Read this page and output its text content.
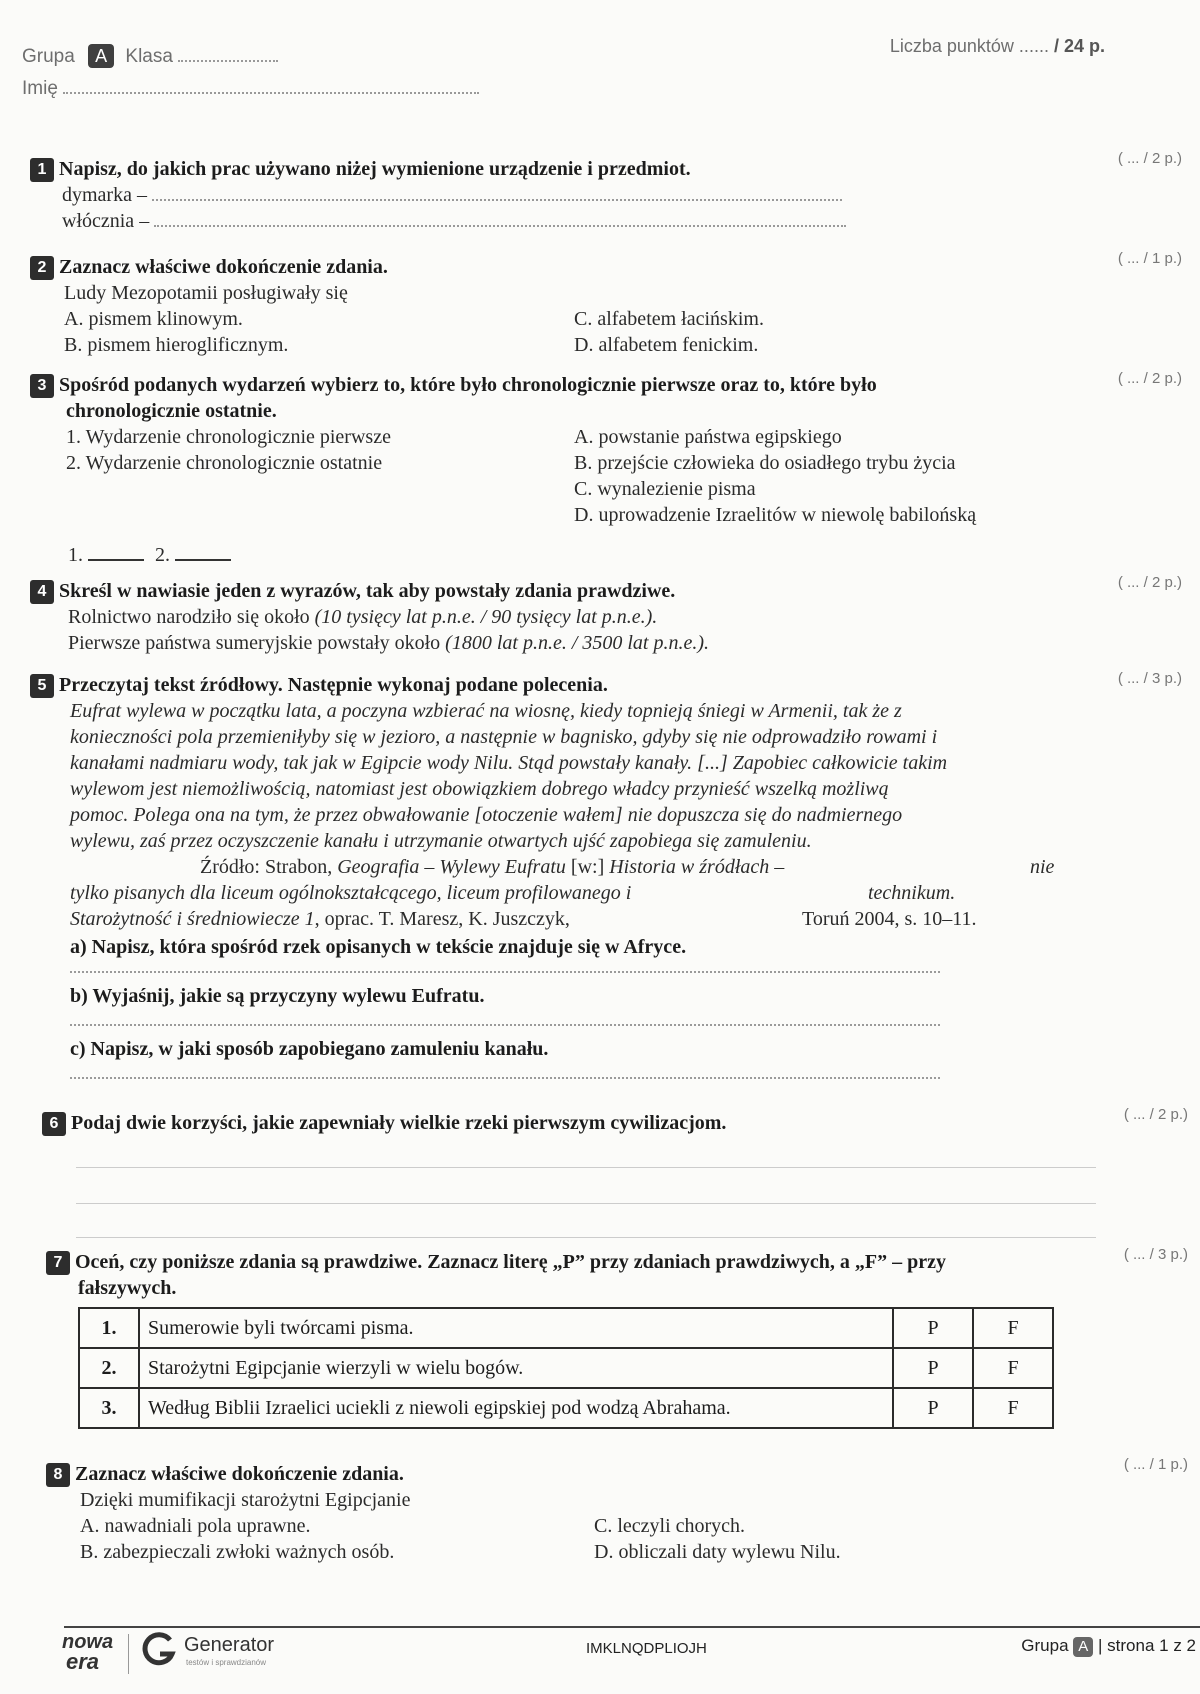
Grupa A Klasa
Imię
Liczba punktów ...... / 24 p.
1 Napisz, do jakich prac używano niżej wymienione urządzenie i przedmiot.
dymarka –
włócznia –
( ... / 2 p.)
2 Zaznacz właściwe dokończenie zdania.
Ludy Mezopotamii posługiwały się
A. pismem klinowym.
B. pismem hieroglificznym.
C. alfabetem łacińskim.
D. alfabetem fenickim.
( ... / 1 p.)
3 Spośród podanych wydarzeń wybierz to, które było chronologicznie pierwsze oraz to, które było
chronologicznie ostatnie.
1. Wydarzenie chronologicznie pierwsze
2. Wydarzenie chronologicznie ostatnie
A. powstanie państwa egipskiego
B. przejście człowieka do osiadłego trybu życia
C. wynalezienie pisma
D. uprowadzenie Izraelitów w niewolę babilońską
1.	2.
( ... / 2 p.)
4 Skreśl w nawiasie jeden z wyrazów, tak aby powstały zdania prawdziwe.
Rolnictwo narodziło się około (10 tysięcy lat p.n.e. / 90 tysięcy lat p.n.e.).
Pierwsze państwa sumeryjskie powstały około (1800 lat p.n.e. / 3500 lat p.n.e.).
( ... / 2 p.)
5 Przeczytaj tekst źródłowy. Następnie wykonaj podane polecenia.
Eufrat wylewa w początku lata, a poczyna wzbierać na wiosnę, kiedy topnieją śniegi w Armenii, tak że z
konieczności pola przemieniłyby się w jezioro, a następnie w bagnisko, gdyby się nie odprowadziło rowami i
kanałami nadmiaru wody, tak jak w Egipcie wody Nilu. Stąd powstały kanały. [...] Zapobiec całkowicie takim
wylewom jest niemożliwością, natomiast jest obowiązkiem dobrego władcy przynieść wszelką możliwą
pomoc. Polega ona na tym, że przez obwałowanie [otoczenie wałem] nie dopuszcza się do nadmiernego
wylewu, zaś przez oczyszczenie kanału i utrzymanie otwartych ujść zapobiega się zamuleniu.
Źródło: Strabon, Geografia – Wylewy Eufratu [w:] Historia w źródłach –	nie
tylko pisanych dla liceum ogólnokształcącego, liceum profilowanego i	technikum.
Starożytność i średniowiecze 1, oprac. T. Maresz, K. Juszczyk,	Toruń 2004, s. 10–11.
a) Napisz, która spośród rzek opisanych w tekście znajduje się w Afryce.
b) Wyjaśnij, jakie są przyczyny wylewu Eufratu.
c) Napisz, w jaki sposób zapobiegano zamuleniu kanału.
( ... / 3 p.)
6 Podaj dwie korzyści, jakie zapewniały wielkie rzeki pierwszym cywilizacjom.	( ... / 2 p.)
7 Oceń, czy poniższe zdania są prawdziwe. Zaznacz literę „P” przy zdaniach prawdziwych, a „F” – przy
fałszywych.
( ... / 3 p.)
1.	Sumerowie byli twórcami pisma.	P	F
2.	Starożytni Egipcjanie wierzyli w wielu bogów.	P	F
3.	Według Biblii Izraelici uciekli z niewoli egipskiej pod wodzą Abrahama.	P	F
8 Zaznacz właściwe dokończenie zdania.
Dzięki mumifikacji starożytni Egipcjanie
A. nawadniali pola uprawne.
B. zabezpieczali zwłoki ważnych osób.
C. leczyli chorych.
D. obliczali daty wylewu Nilu.
( ... / 1 p.)
nowa
era
Generator
testów i sprawdzianów
IMKLNQDPLIOJH	Grupa A | strona 1 z 2
